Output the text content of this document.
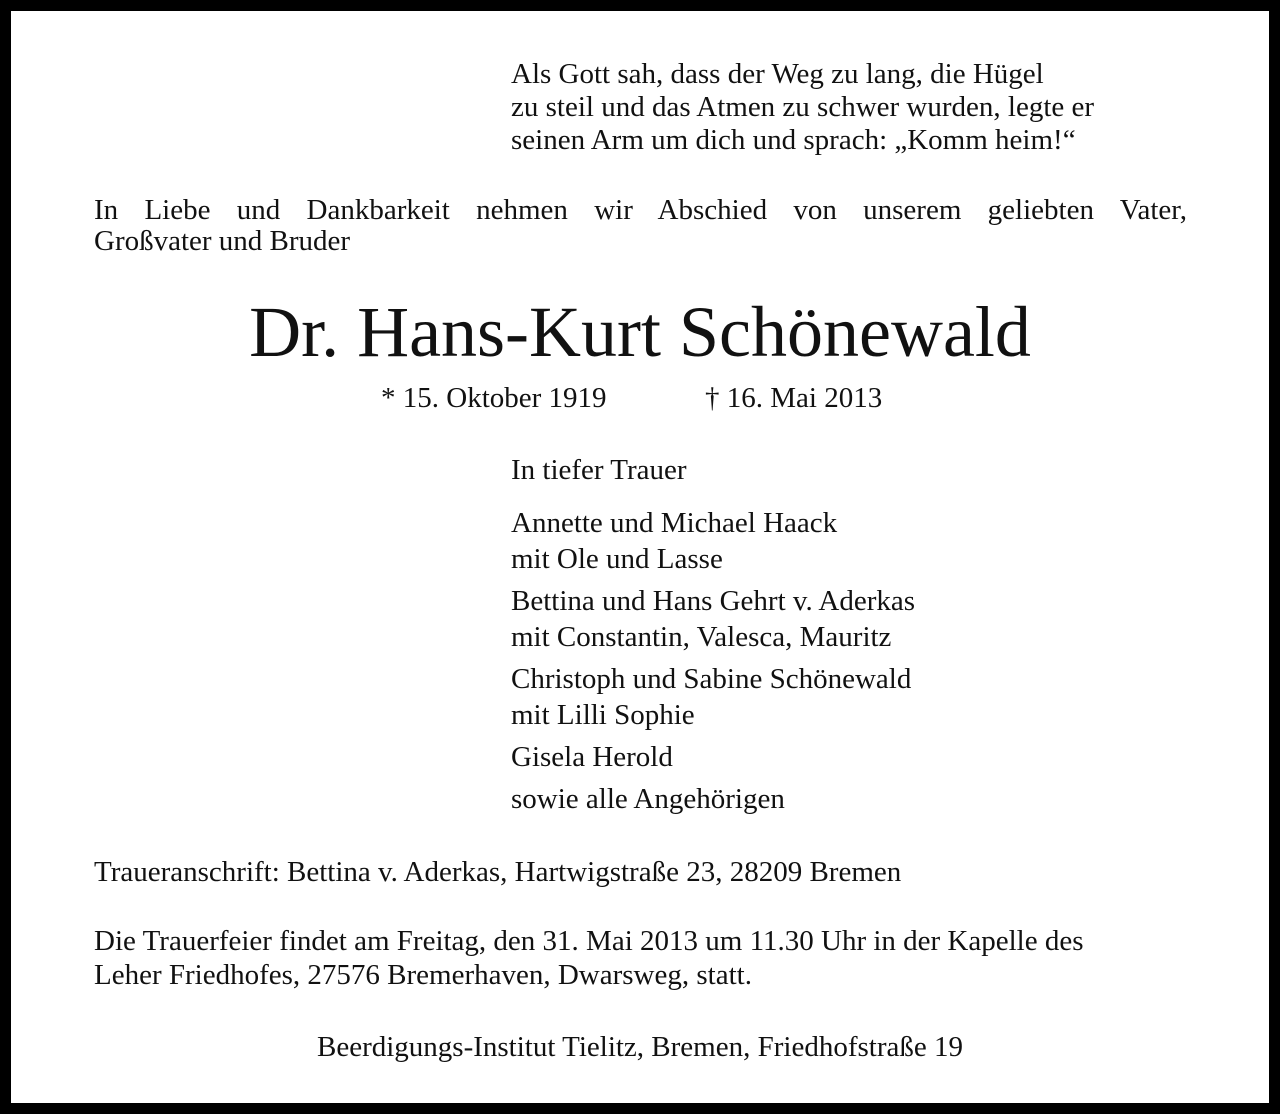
Als Gott sah, dass der Weg zu lang, die Hügel
zu steil und das Atmen zu schwer wurden, legte er
seinen Arm um dich und sprach: „Komm heim!“
In Liebe und Dankbarkeit nehmen wir Abschied von unserem geliebten Vater,
Großvater und Bruder
Dr. Hans-Kurt Schönewald
* 15. Oktober 1919	† 16. Mai 2013
In tiefer Trauer
Annette und Michael Haack
mit Ole und Lasse
Bettina und Hans Gehrt v. Aderkas
mit Constantin, Valesca, Mauritz
Christoph und Sabine Schönewald
mit Lilli Sophie
Gisela Herold
sowie alle Angehörigen
Traueranschrift: Bettina v. Aderkas, Hartwigstraße 23, 28209 Bremen
Die Trauerfeier findet am Freitag, den 31. Mai 2013 um 11.30 Uhr in der Kapelle des
Leher Friedhofes, 27576 Bremerhaven, Dwarsweg, statt.
Beerdigungs-Institut Tielitz, Bremen, Friedhofstraße 19
